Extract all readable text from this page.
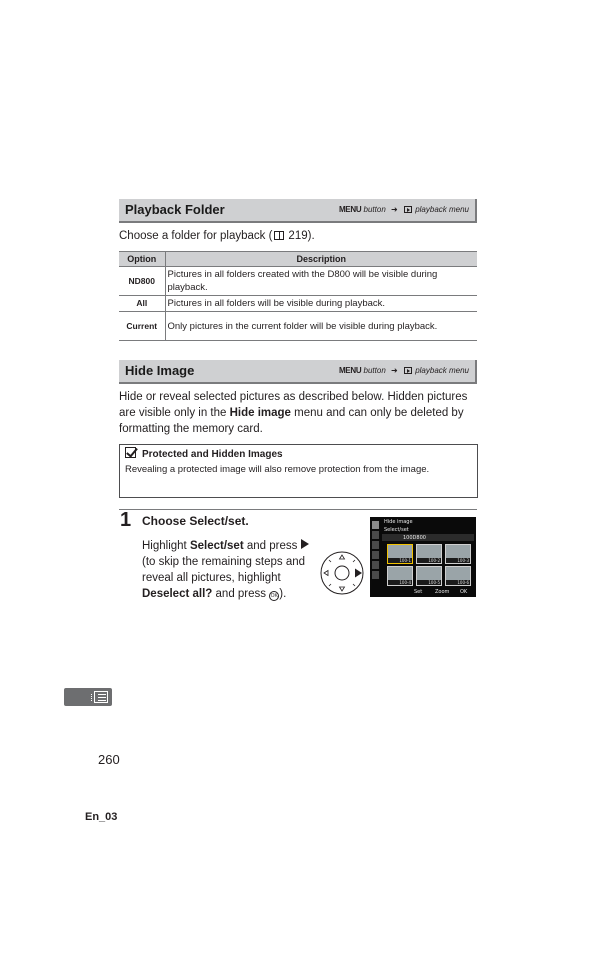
Playback Folder	MENU button ➜ playback menu
Choose a folder for playback ( 219).
Option	Description
ND800	Pictures in all folders created with the D800 will be visible during playback.
All	Pictures in all folders will be visible during playback.
Current	Only pictures in the current folder will be visible during playback.
Hide Image	MENU button ➜ playback menu
Hide or reveal selected pictures as described below. Hidden pictures are visible only in the Hide image menu and can only be deleted by formatting the memory card.
Protected and Hidden Images
Revealing a protected image will also remove protection from the image.
1 Choose Select/set.
Highlight Select/set and press  (to skip the remaining steps and reveal all pictures, highlight Deselect all? and press OK).
Hide image
Select/set
100D800
100-1	100-2	100-3
100-4	100-5	100-6
Set	Zoom OK
260
En_03
